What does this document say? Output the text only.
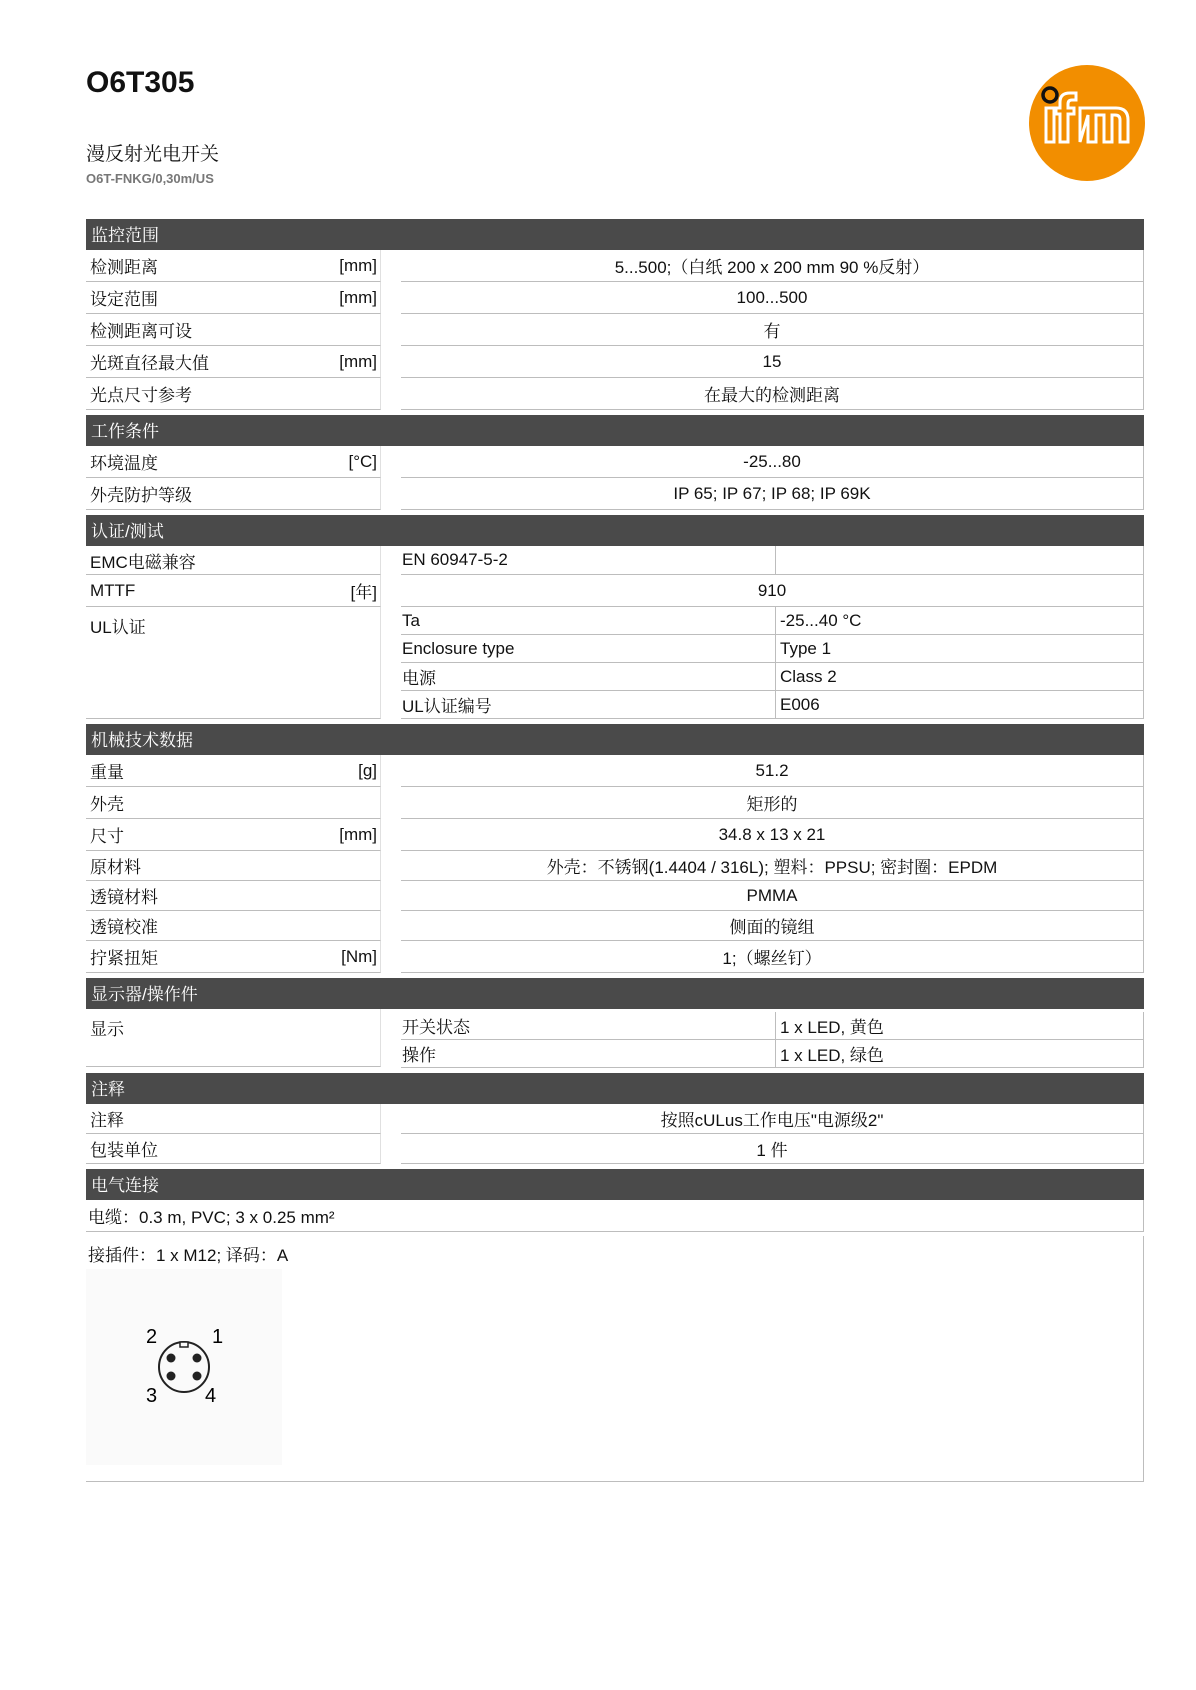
O6T305
漫反射光电开关
O6T-FNKG/0,30m/US
监控范围
检测距离	[mm]	5...500;（白纸 200 x 200 mm 90 %反射）
设定范围	[mm]	100...500
检测距离可设	有
光斑直径最大值	[mm]	15
光点尺寸参考	在最大的检测距离
工作条件
环境温度	[°C]	-25...80
外壳防护等级	IP 65; IP 67; IP 68; IP 69K
认证/测试
EMC电磁兼容	EN 60947-5-2
MTTF	[年]	910
UL认证	Ta	-25...40 °C
Enclosure type	Type 1
电源	Class 2
UL认证编号	E006
机械技术数据
重量	[g]	51.2
外壳	矩形的
尺寸	[mm]	34.8 x 13 x 21
原材料	外壳：不锈钢(1.4404 / 316L); 塑料：PPSU; 密封圈：EPDM
透镜材料	PMMA
透镜校准	侧面的镜组
拧紧扭矩	[Nm]	1;（螺丝钉）
显示器/操作件
显示	开关状态	1 x LED, 黄色
操作	1 x LED, 绿色
注释
注释	按照cULus工作电压"电源级2"
包装单位	1 件
电气连接
电缆：0.3 m, PVC; 3 x 0.25 mm²
接插件：1 x M12; 译码：A
1
2
3 4
